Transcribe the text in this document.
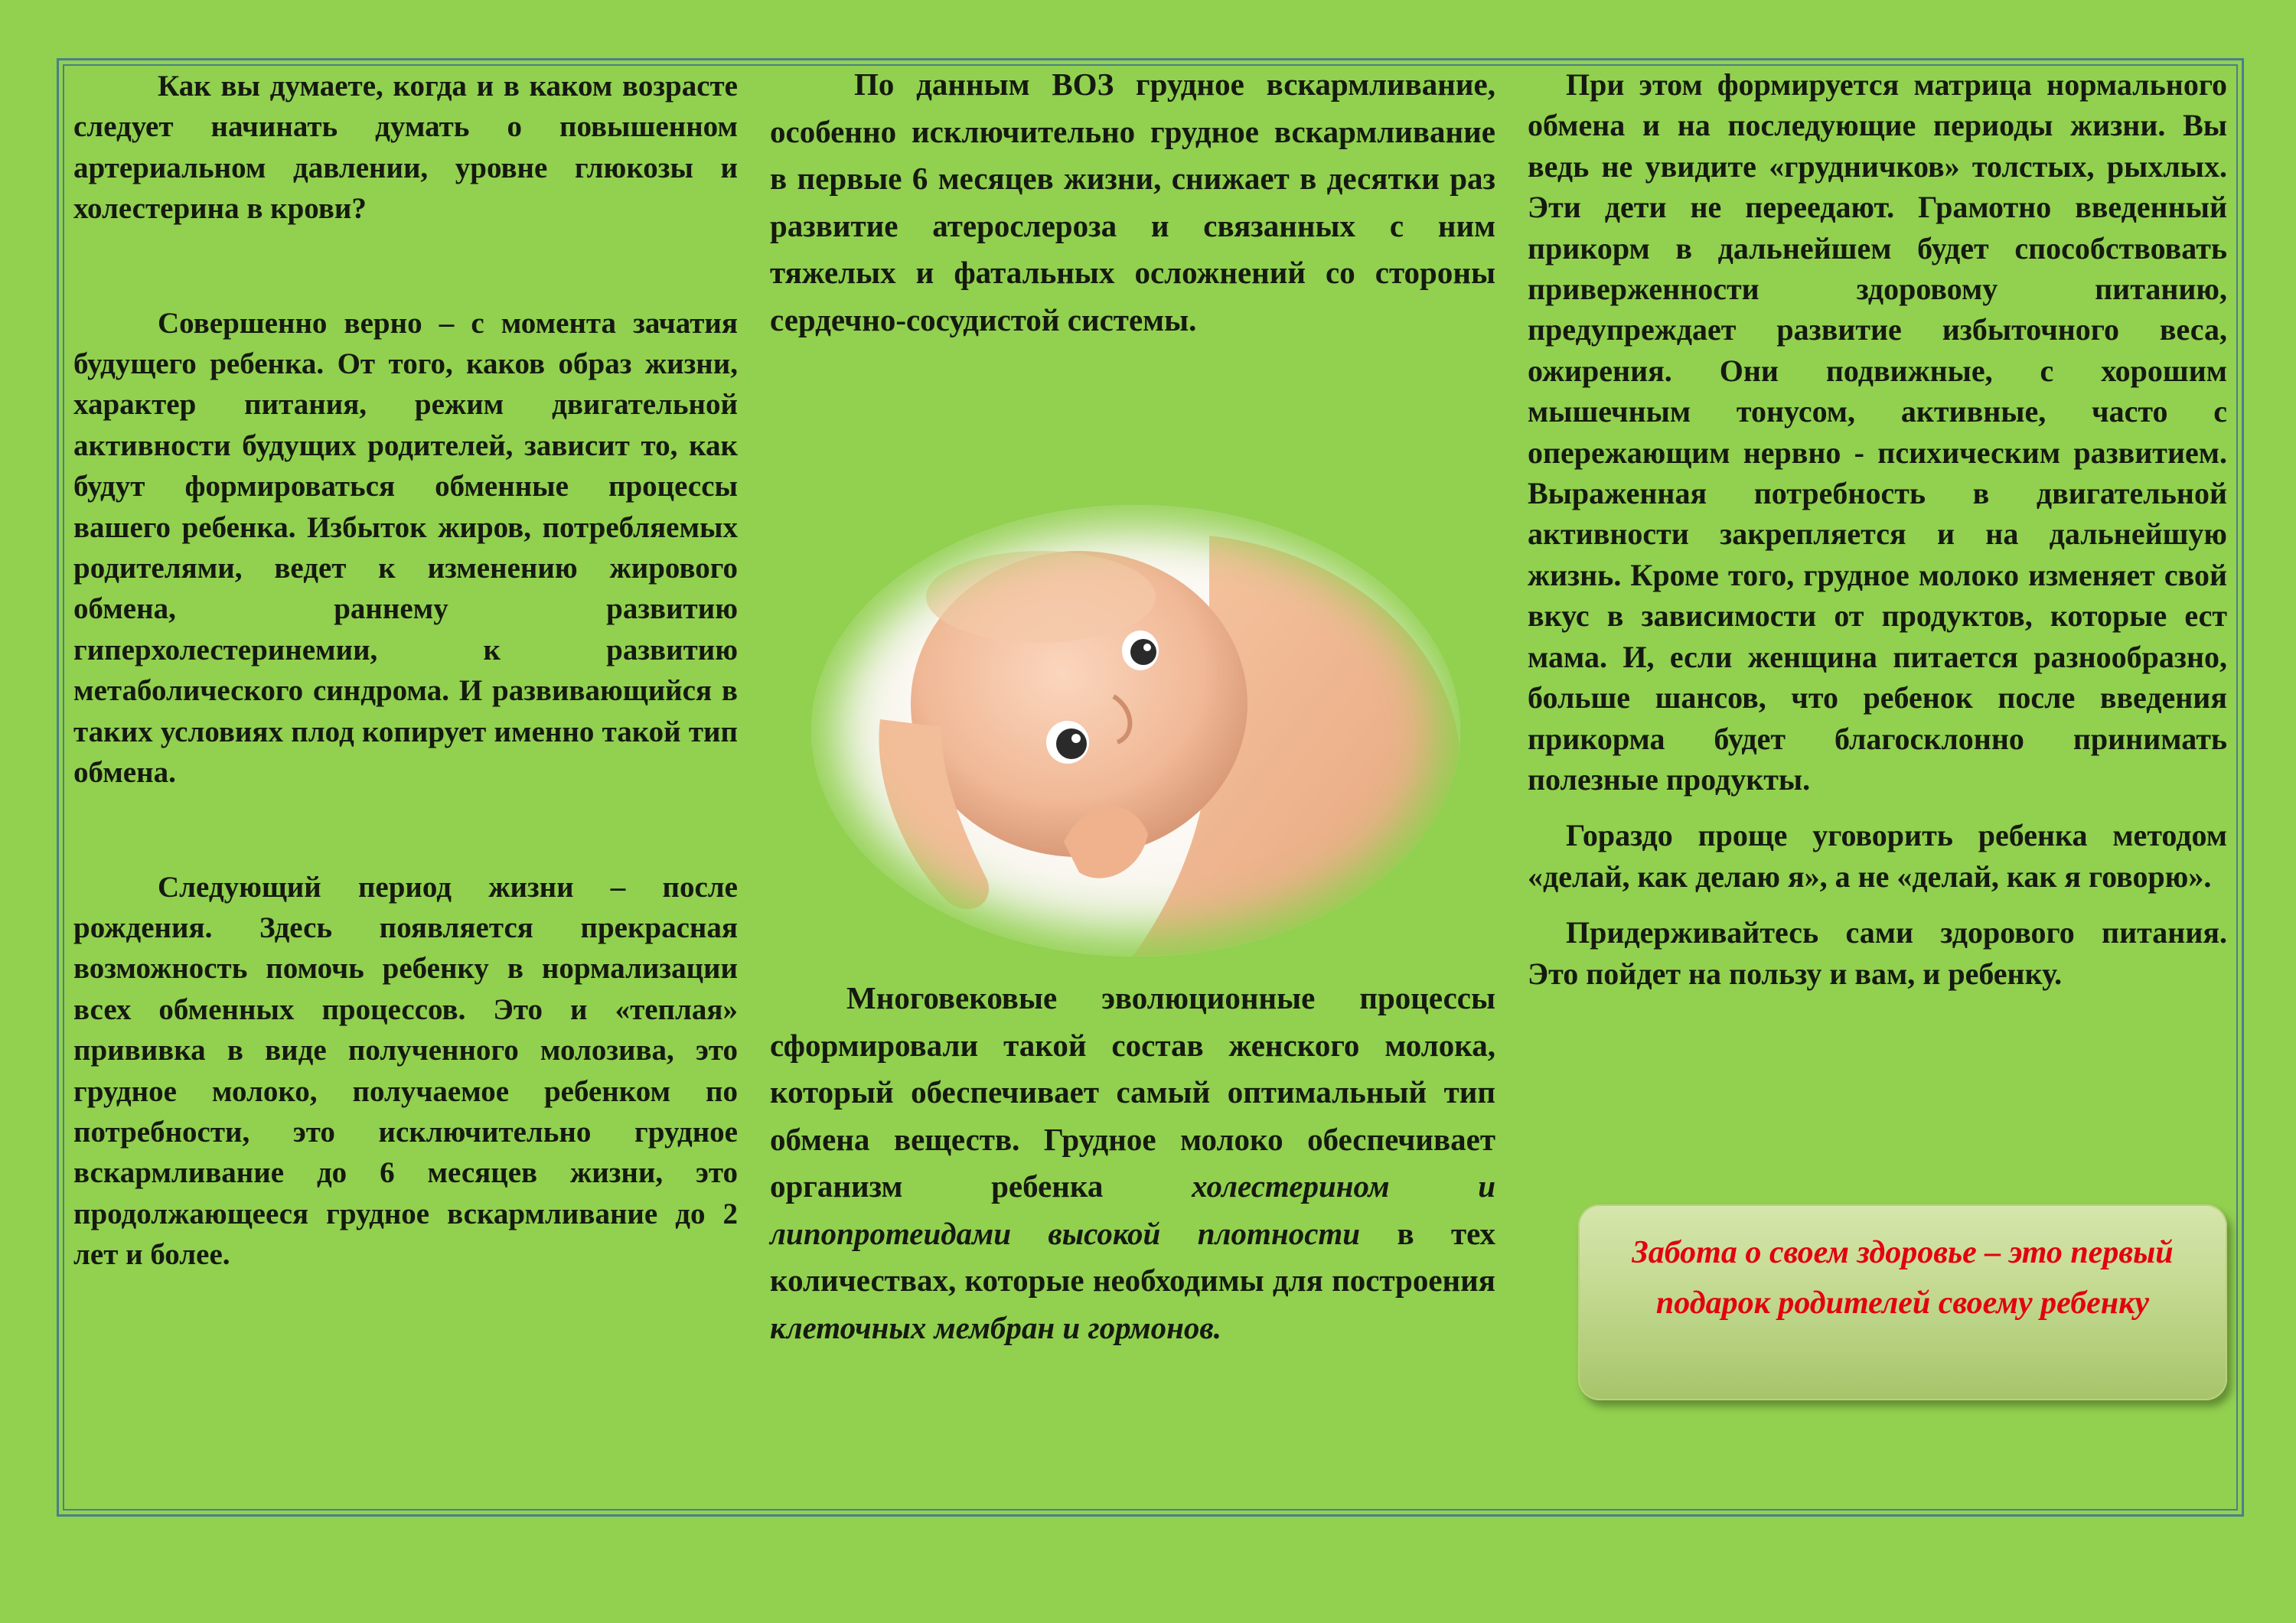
Как вы думаете, когда и в каком возрасте следует начинать думать о повышенном артериальном давлении, уровне глюкозы и холестерина в крови?

Совершенно верно – с момента зачатия будущего ребенка. От того, каков образ жизни, характер питания, режим двигательной активности будущих родителей, зависит то, как будут формироваться обменные процессы вашего ребенка. Избыток жиров, потребляемых родителями, ведет к изменению жирового обмена, раннему развитию гиперхолестеринемии, к развитию метаболического синдрома. И развивающийся в таких условиях плод копирует именно такой тип обмена.

Следующий период жизни – после рождения. Здесь появляется прекрасная возможность помочь ребенку в нормализации всех обменных процессов. Это и «теплая» прививка в виде полученного молозива, это грудное молоко, получаемое ребенком по потребности, это исключительно грудное вскармливание до 6 месяцев жизни, это продолжающееся грудное вскармливание до 2 лет и более.

По данным ВОЗ грудное вскармливание, особенно исключительно грудное вскармливание в первые 6 месяцев жизни, снижает в десятки раз развитие атерослероза и связанных с ним тяжелых и фатальных осложнений со стороны сердечно-сосудистой системы.

Многовековые эволюционные процессы сформировали такой состав женского молока, который обеспечивает самый оптимальный тип обмена веществ. Грудное молоко обеспечивает организм ребенка холестерином и липопротеидами высокой плотности в тех количествах, которые необходимы для построения клеточных мембран и гормонов.

При этом формируется матрица нормального обмена и на последующие периоды жизни. Вы ведь не увидите «грудничков» толстых, рыхлых. Эти дети не переедают. Грамотно введенный прикорм в дальнейшем будет способствовать приверженности здоровому питанию, предупреждает развитие избыточного веса, ожирения. Они подвижные, с хорошим мышечным тонусом, активные, часто с опережающим нервно - психическим развитием. Выраженная потребность в двигательной активности закрепляется и на дальнейшую жизнь. Кроме того, грудное молоко изменяет свой вкус в зависимости от продуктов, которые ест мама. И, если женщина питается разнообразно, больше шансов, что ребенок после введения прикорма будет благосклонно принимать полезные продукты.

Гораздо проще уговорить ребенка методом «делай, как делаю я», а не «делай, как я говорю».

Придерживайтесь сами здорового питания. Это пойдет на пользу и вам, и ребенку.

Забота о своем здоровье – это первый подарок родителей своему ребенку
